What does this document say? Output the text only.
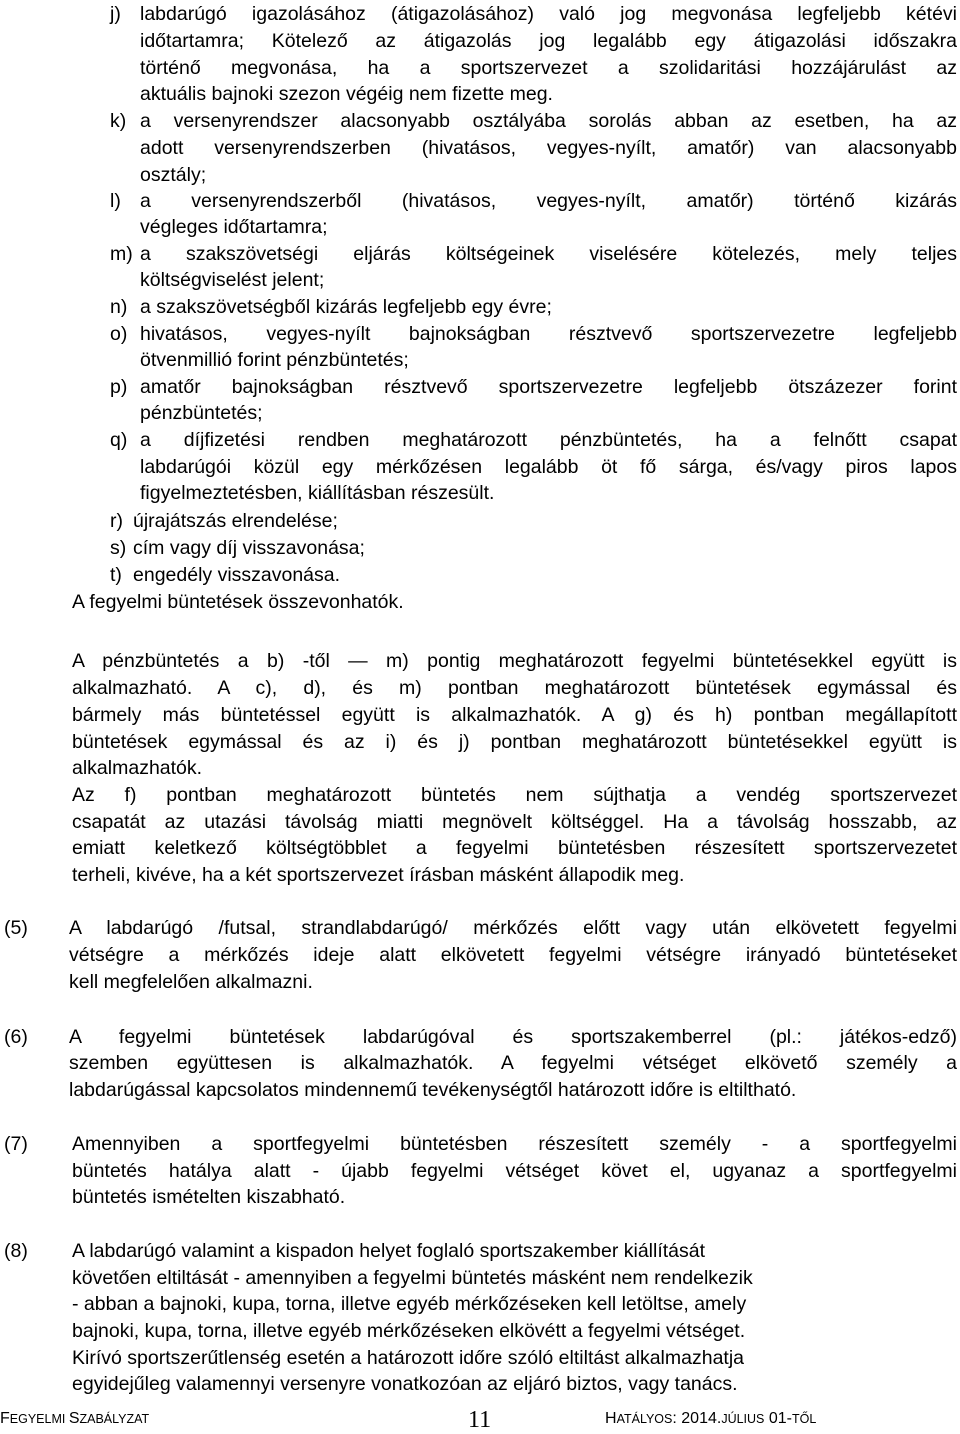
j) labdarúgó igazolásához (átigazolásához) való jog megvonása legfeljebb kétévi
időtartamra; Kötelező az átigazolás jog legalább egy átigazolási időszakra
történő megvonása, ha a sportszervezet a szolidaritási hozzájárulást az
aktuális bajnoki szezon végéig nem fizette meg.
k) a versenyrendszer alacsonyabb osztályába sorolás abban az esetben, ha az
adott versenyrendszerben (hivatásos, vegyes-nyílt, amatőr) van alacsonyabb
osztály;
l) a versenyrendszerből (hivatásos, vegyes-nyílt, amatőr) történő kizárás
végleges időtartamra;
m) a szakszövetségi eljárás költségeinek viselésére kötelezés, mely teljes
költségviselést jelent;
n) a szakszövetségből kizárás legfeljebb egy évre;
o) hivatásos, vegyes-nyílt bajnokságban résztvevő sportszervezetre legfeljebb
ötvenmillió forint pénzbüntetés;
p) amatőr bajnokságban résztvevő sportszervezetre legfeljebb ötszázezer forint
pénzbüntetés;
q) a díjfizetési rendben meghatározott pénzbüntetés, ha a felnőtt csapat
labdarúgói közül egy mérkőzésen legalább öt fő sárga, és/vagy piros lapos
figyelmeztetésben, kiállításban részesült.
r) újrajátszás elrendelése;
s) cím vagy díj visszavonása;
t) engedély visszavonása.
A fegyelmi büntetések összevonhatók.
A pénzbüntetés a b) -től — m) pontig meghatározott fegyelmi büntetésekkel együtt is
alkalmazható. A c), d), és m) pontban meghatározott büntetések egymással és
bármely más büntetéssel együtt is alkalmazhatók. A g) és h) pontban megállapított
büntetések egymással és az i) és j) pontban meghatározott büntetésekkel együtt is
alkalmazhatók.
Az f) pontban meghatározott büntetés nem sújthatja a vendég sportszervezet
csapatát az utazási távolság miatti megnövelt költséggel. Ha a távolság hosszabb, az
emiatt keletkező költségtöbblet a fegyelmi büntetésben részesített sportszervezetet
terheli, kivéve, ha a két sportszervezet írásban másként állapodik meg.
(5) A labdarúgó /futsal, strandlabdarúgó/ mérkőzés előtt vagy után elkövetett fegyelmi
vétségre a mérkőzés ideje alatt elkövetett fegyelmi vétségre irányadó büntetéseket
kell megfelelően alkalmazni.
(6) A fegyelmi büntetések labdarúgóval és sportszakemberrel (pl.: játékos-edző)
szemben együttesen is alkalmazhatók. A fegyelmi vétséget elkövető személy a
labdarúgással kapcsolatos mindennemű tevékenységtől határozott időre is eltiltható.
(7) Amennyiben a sportfegyelmi büntetésben részesített személy - a sportfegyelmi
büntetés hatálya alatt - újabb fegyelmi vétséget követ el, ugyanaz a sportfegyelmi
büntetés ismételten kiszabható.
(8) A labdarúgó valamint a kispadon helyet foglaló sportszakember kiállítását
követően eltiltását - amennyiben a fegyelmi büntetés másként nem rendelkezik
- abban a bajnoki, kupa, torna, illetve egyéb mérkőzéseken kell letöltse, amely
bajnoki, kupa, torna, illetve egyéb mérkőzéseken elkövétt a fegyelmi vétséget.
Kirívó sportszerűtlenség esetén a határozott időre szóló eltiltást alkalmazhatja
egyidejűleg valamennyi versenyre vonatkozóan az eljáró biztos, vagy tanács.
FEGYELMI SZABÁLYZAT	11	HATÁLYOS: 2014.JÚLIUS 01-TŐL
